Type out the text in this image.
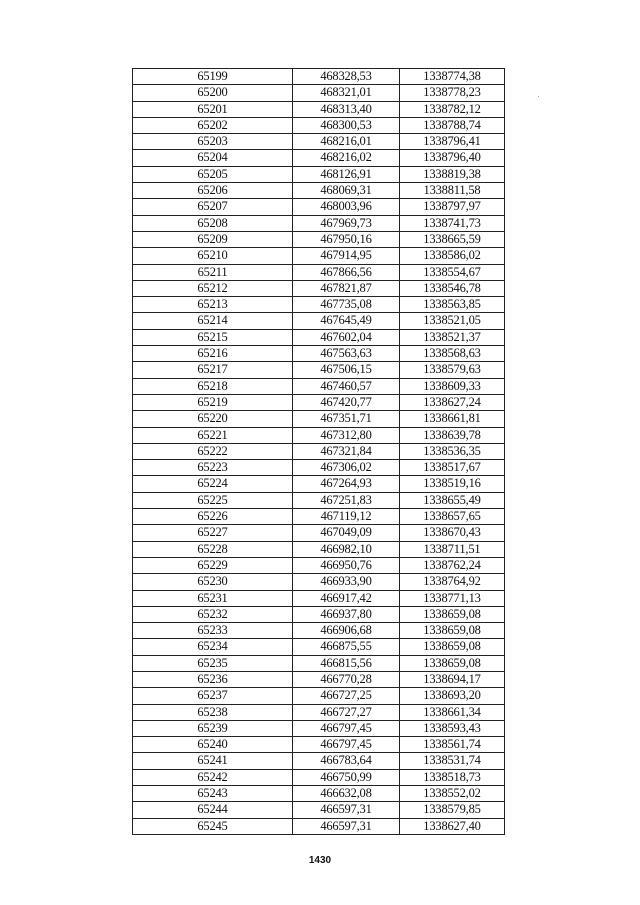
65199	468328,53	1338774,38
65200	468321,01	1338778,23
65201	468313,40	1338782,12
65202	468300,53	1338788,74
65203	468216,01	1338796,41
65204	468216,02	1338796,40
65205	468126,91	1338819,38
65206	468069,31	1338811,58
65207	468003,96	1338797,97
65208	467969,73	1338741,73
65209	467950,16	1338665,59
65210	467914,95	1338586,02
65211	467866,56	1338554,67
65212	467821,87	1338546,78
65213	467735,08	1338563,85
65214	467645,49	1338521,05
65215	467602,04	1338521,37
65216	467563,63	1338568,63
65217	467506,15	1338579,63
65218	467460,57	1338609,33
65219	467420,77	1338627,24
65220	467351,71	1338661,81
65221	467312,80	1338639,78
65222	467321,84	1338536,35
65223	467306,02	1338517,67
65224	467264,93	1338519,16
65225	467251,83	1338655,49
65226	467119,12	1338657,65
65227	467049,09	1338670,43
65228	466982,10	1338711,51
65229	466950,76	1338762,24
65230	466933,90	1338764,92
65231	466917,42	1338771,13
65232	466937,80	1338659,08
65233	466906,68	1338659,08
65234	466875,55	1338659,08
65235	466815,56	1338659,08
65236	466770,28	1338694,17
65237	466727,25	1338693,20
65238	466727,27	1338661,34
65239	466797,45	1338593,43
65240	466797,45	1338561,74
65241	466783,64	1338531,74
65242	466750,99	1338518,73
65243	466632,08	1338552,02
65244	466597,31	1338579,85
65245	466597,31	1338627,40
1430
